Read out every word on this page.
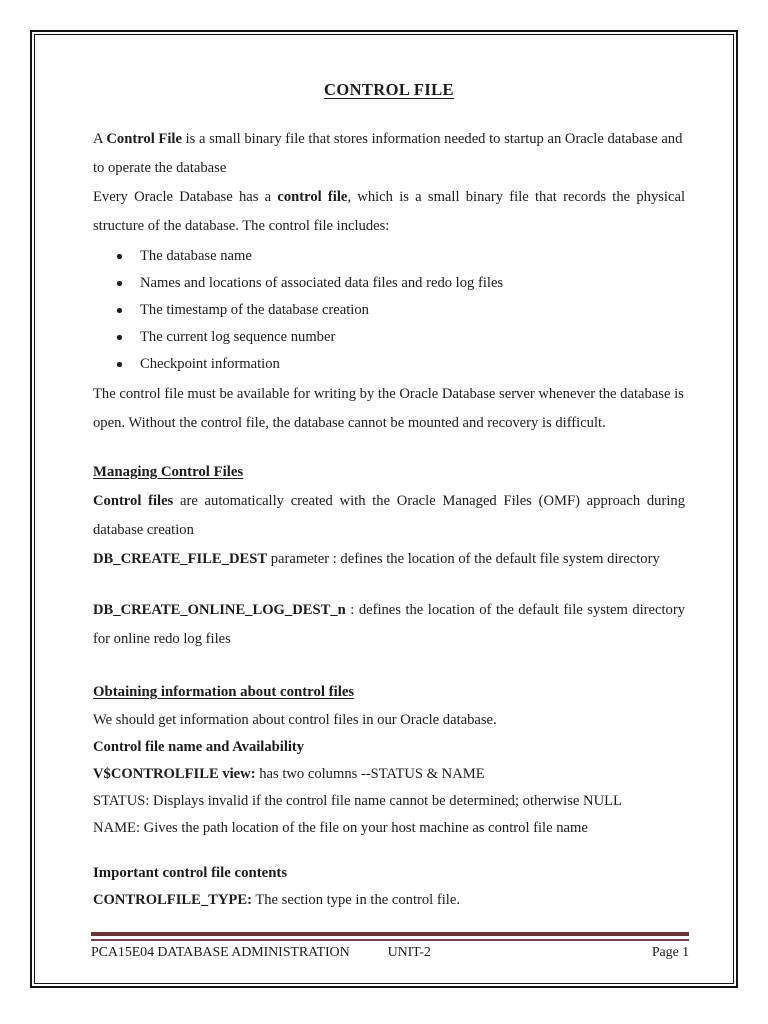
CONTROL FILE

A Control File is a small binary file that stores information needed to startup an Oracle database and to operate the database

Every Oracle Database has a control file, which is a small binary file that records the physical structure of the database. The control file includes:

The database name
Names and locations of associated data files and redo log files
The timestamp of the database creation
The current log sequence number
Checkpoint information

The control file must be available for writing by the Oracle Database server whenever the database is open. Without the control file, the database cannot be mounted and recovery is difficult.

Managing Control Files

Control files are automatically created with the Oracle Managed Files (OMF) approach during database creation

DB_CREATE_FILE_DEST parameter : defines the location of the default file system directory

DB_CREATE_ONLINE_LOG_DEST_n : defines the location of the default file system directory for online redo log files

Obtaining information about control files

We should get information about control files in our Oracle database.

Control file name and Availability

V$CONTROLFILE view: has two columns --STATUS & NAME

STATUS: Displays invalid if the control file name cannot be determined; otherwise NULL

NAME: Gives the path location of the file on your host machine as control file name

Important control file contents

CONTROLFILE_TYPE: The section type in the control file.

PCA15E04 DATABASE ADMINISTRATION	UNIT-2	Page 1
